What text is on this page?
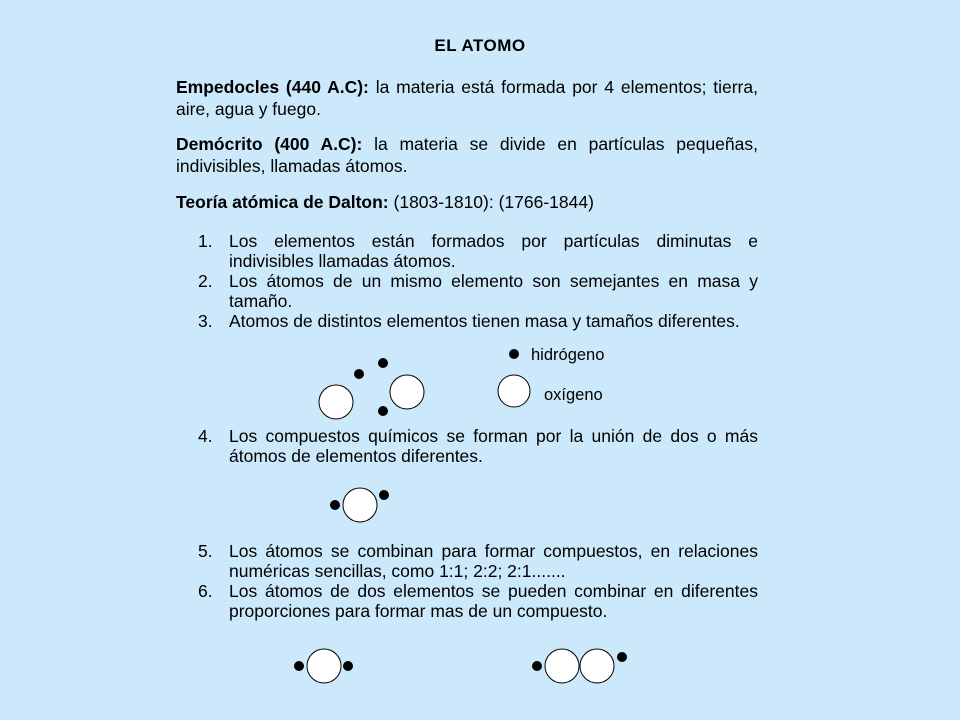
EL ATOMO
Empedocles (440 A.C): la materia está formada por 4 elementos; tierra, aire, agua y fuego.
Demócrito (400 A.C): la materia se divide en partículas pequeñas, indivisibles, llamadas átomos.
Teoría atómica de Dalton: (1803-1810): (1766-1844)
1. Los elementos están formados por partículas diminutas e indivisibles llamadas átomos.
2. Los átomos de un mismo elemento son semejantes en masa y tamaño.
3. Atomos de distintos elementos tienen masa y tamaños diferentes.
hidrógeno
oxígeno
4. Los compuestos químicos se forman por la unión de dos o más átomos de elementos diferentes.
5. Los átomos se combinan para formar compuestos, en relaciones numéricas sencillas, como 1:1; 2:2; 2:1.......
6. Los átomos de dos elementos se pueden combinar en diferentes proporciones para formar mas de un compuesto.
